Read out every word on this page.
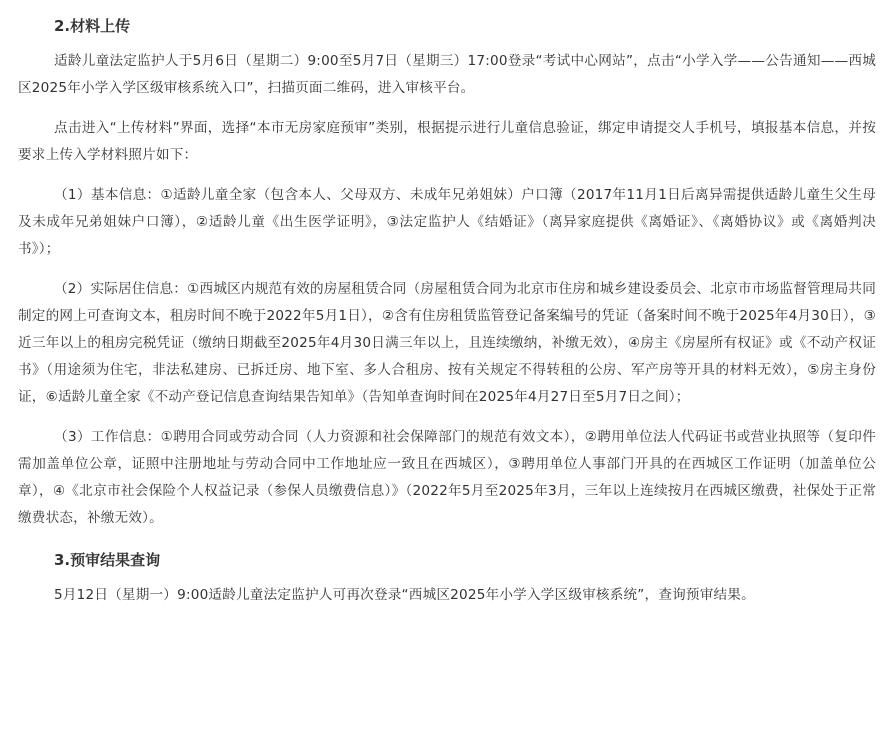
2.材料上传

适龄儿童法定监护人于5月6日（星期二）9:00至5月7日（星期三）17:00登录“考试中心网站”，点击“小学入学——公告通知——西城区2025年小学入学区级审核系统入口”，扫描页面二维码，进入审核平台。

点击进入“上传材料”界面，选择“本市无房家庭预审”类别，根据提示进行儿童信息验证，绑定申请提交人手机号，填报基本信息，并按要求上传入学材料照片如下：

（1）基本信息：①适龄儿童全家（包含本人、父母双方、未成年兄弟姐妹）户口簿（2017年11月1日后离异需提供适龄儿童生父生母及未成年兄弟姐妹户口簿），②适龄儿童《出生医学证明》，③法定监护人《结婚证》（离异家庭提供《离婚证》、《离婚协议》或《离婚判决书》）；

（2）实际居住信息：①西城区内规范有效的房屋租赁合同（房屋租赁合同为北京市住房和城乡建设委员会、北京市市场监督管理局共同制定的网上可查询文本，租房时间不晚于2022年5月1日），②含有住房租赁监管登记备案编号的凭证（备案时间不晚于2025年4月30日），③近三年以上的租房完税凭证（缴纳日期截至2025年4月30日满三年以上，且连续缴纳，补缴无效），④房主《房屋所有权证》或《不动产权证书》（用途须为住宅，非法私建房、已拆迁房、地下室、多人合租房、按有关规定不得转租的公房、军产房等开具的材料无效），⑤房主身份证，⑥适龄儿童全家《不动产登记信息查询结果告知单》（告知单查询时间在2025年4月27日至5月7日之间）；

（3）工作信息：①聘用合同或劳动合同（人力资源和社会保障部门的规范有效文本），②聘用单位法人代码证书或营业执照等（复印件需加盖单位公章，证照中注册地址与劳动合同中工作地址应一致且在西城区），③聘用单位人事部门开具的在西城区工作证明（加盖单位公章），④《北京市社会保险个人权益记录（参保人员缴费信息）》（2022年5月至2025年3月，三年以上连续按月在西城区缴费，社保处于正常缴费状态，补缴无效）。

3.预审结果查询

5月12日（星期一）9:00适龄儿童法定监护人可再次登录“西城区2025年小学入学区级审核系统”，查询预审结果。
